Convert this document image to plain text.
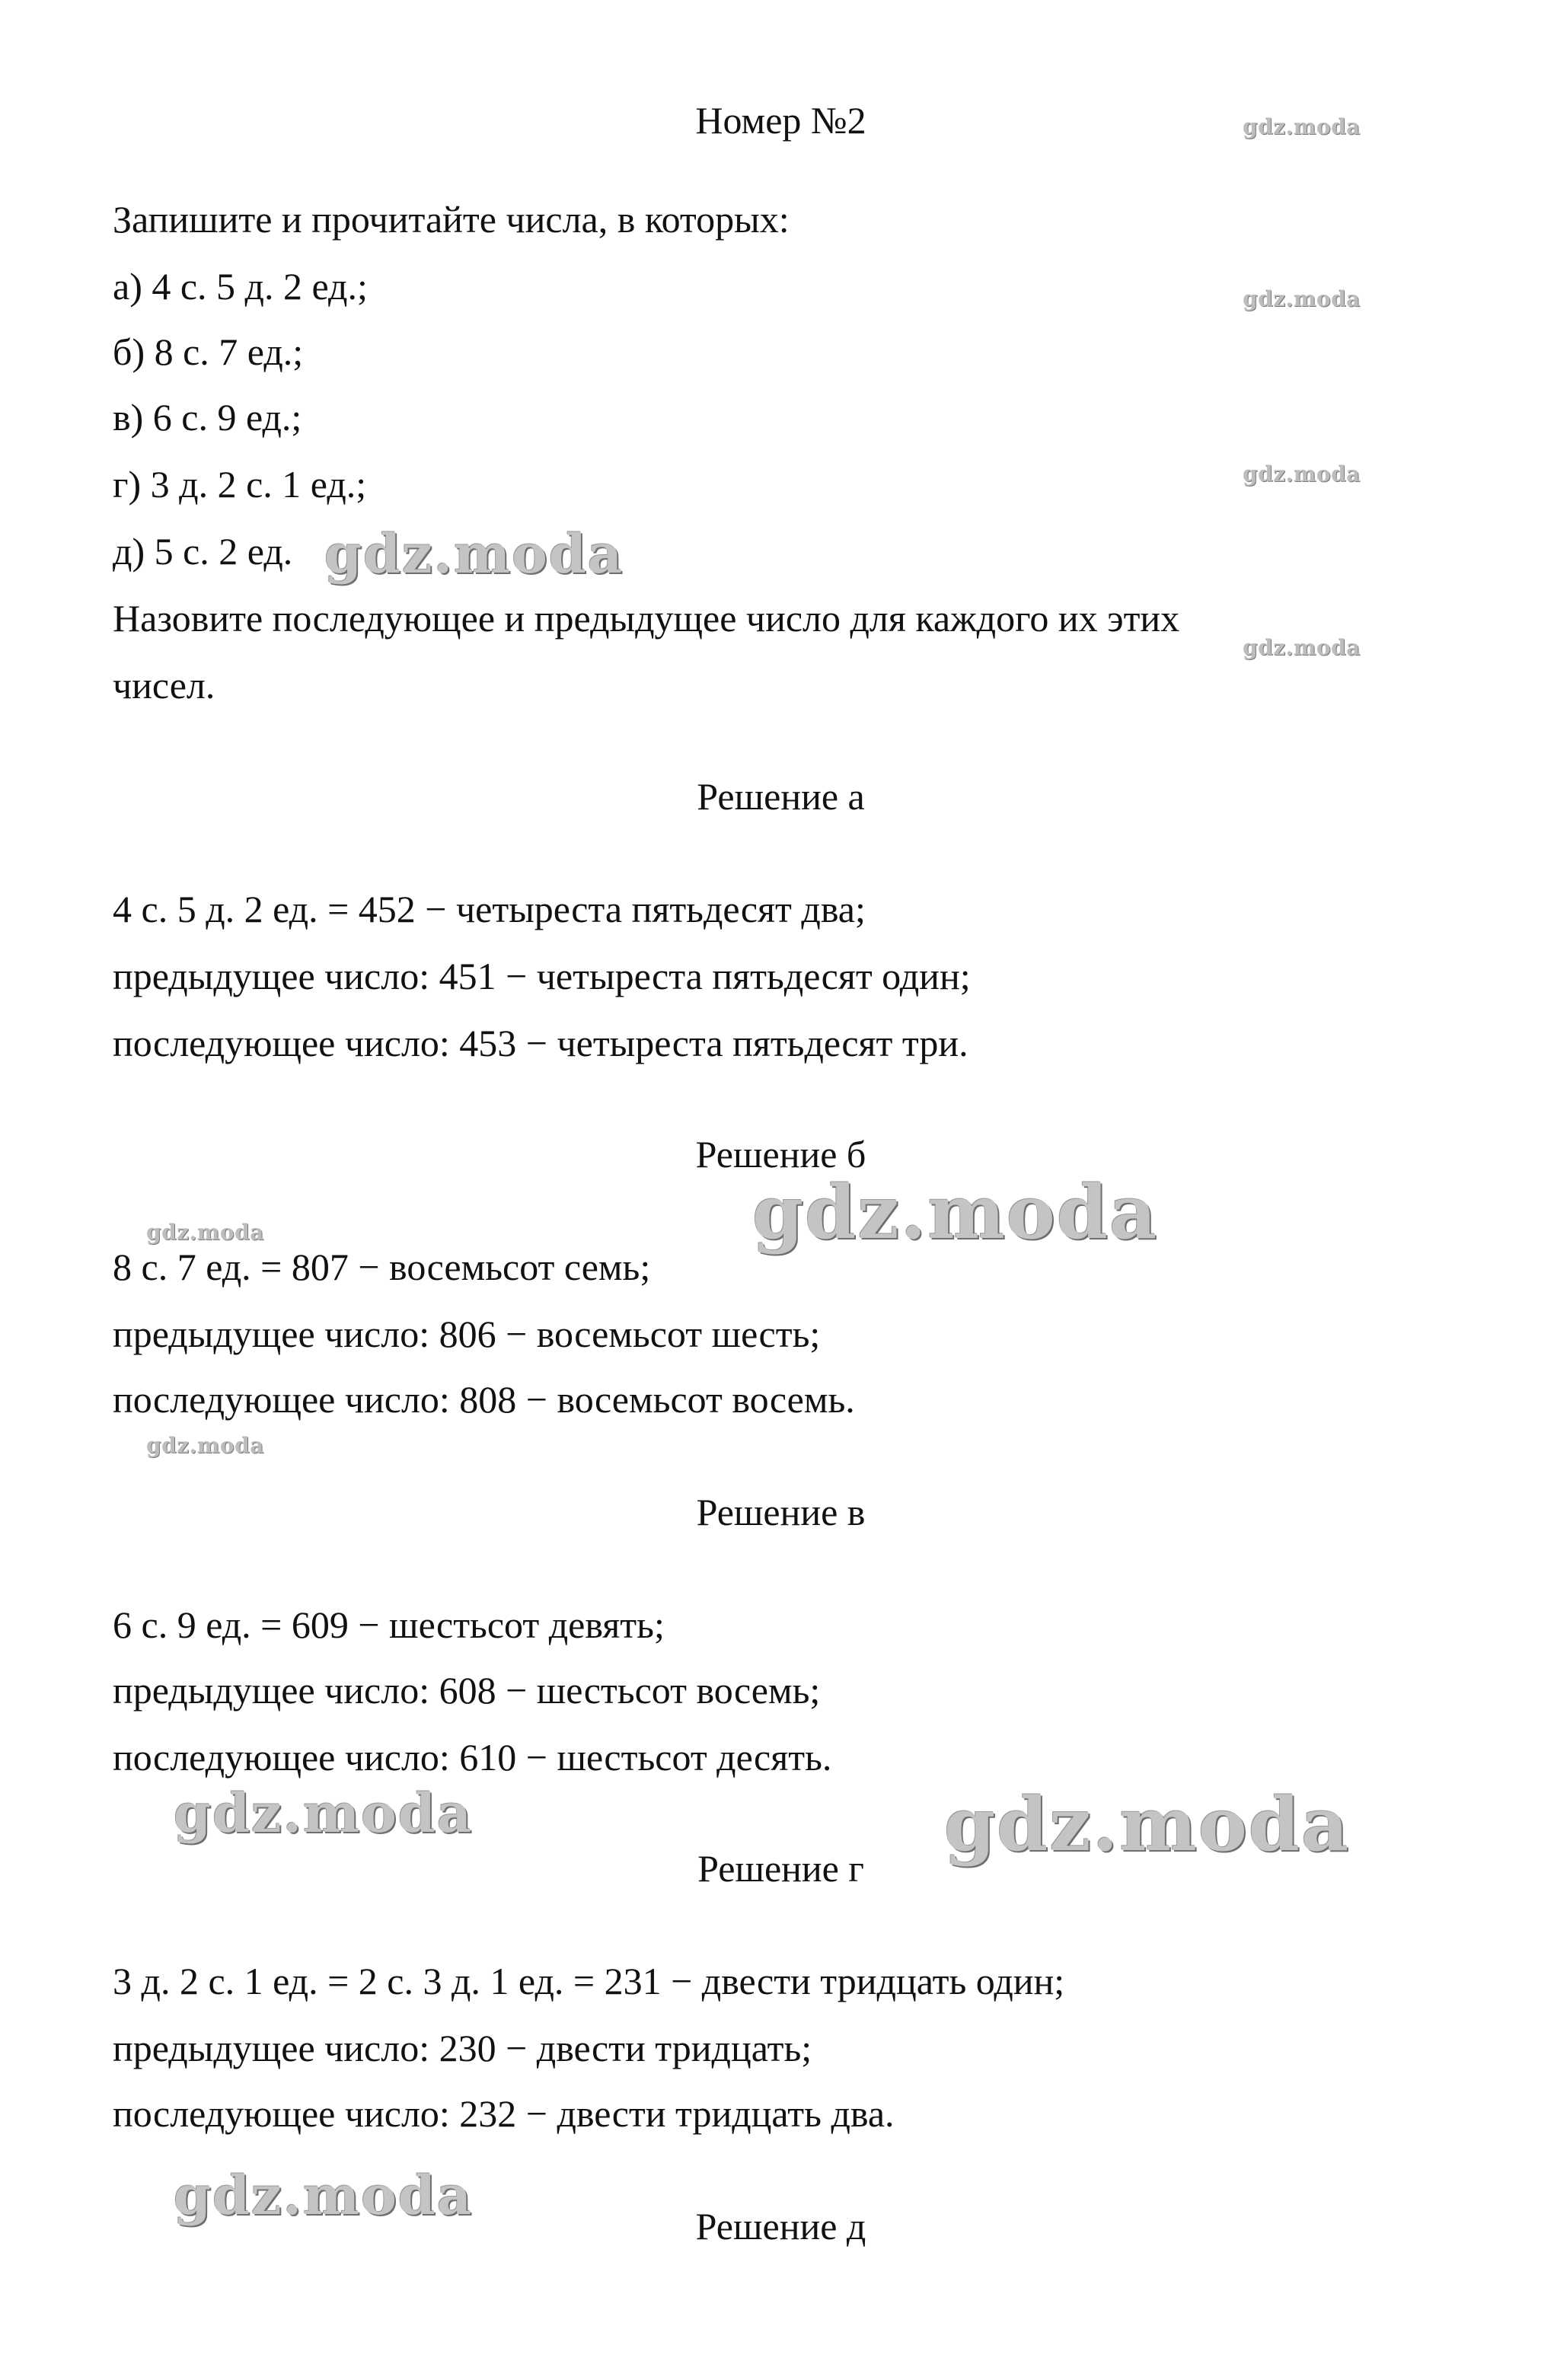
Номер №2
Запишите и прочитайте числа, в которых:
а) 4 с. 5 д. 2 ед.;
б) 8 с. 7 ед.;
в) 6 с. 9 ед.;
г) 3 д. 2 с. 1 ед.;
д) 5 с. 2 ед.
Назовите последующее и предыдущее число для каждого их этих
чисел.
Решение а
4 с. 5 д. 2 ед. = 452 − четыреста пятьдесят два;
предыдущее число: 451 − четыреста пятьдесят один;
последующее число: 453 − четыреста пятьдесят три.
Решение б
8 с. 7 ед. = 807 − восемьсот семь;
предыдущее число: 806 − восемьсот шесть;
последующее число: 808 − восемьсот восемь.
Решение в
6 с. 9 ед. = 609 − шестьсот девять;
предыдущее число: 608 − шестьсот восемь;
последующее число: 610 − шестьсот десять.
Решение г
3 д. 2 с. 1 ед. = 2 с. 3 д. 1 ед. = 231 − двести тридцать один;
предыдущее число: 230 − двести тридцать;
последующее число: 232 − двести тридцать два.
Решение д
gdz.moda
gdz.moda
gdz.moda
gdz.moda
gdz.moda
gdz.moda
gdz.moda
gdz.moda
gdz.moda	gdz.moda
gdz.moda
